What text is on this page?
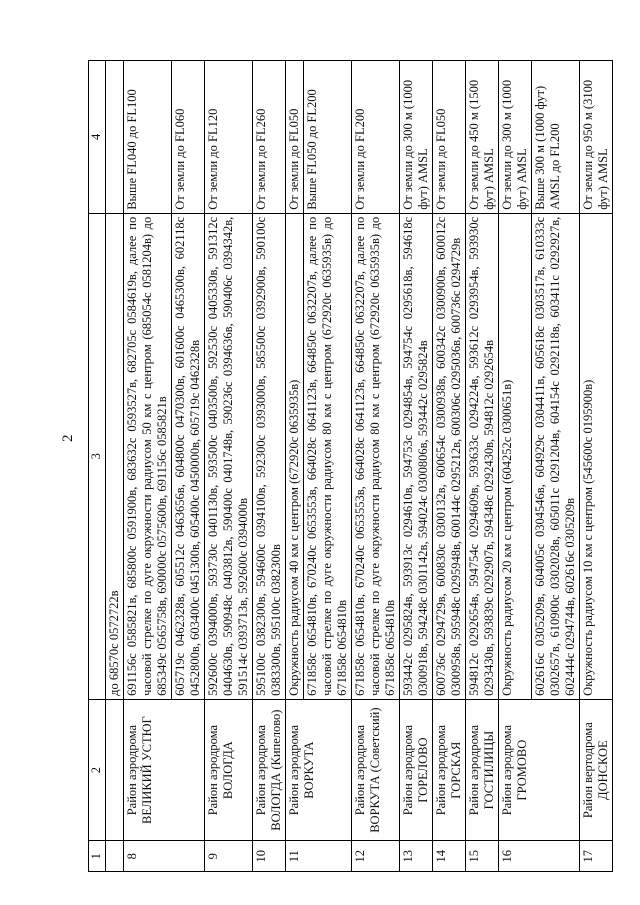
2
1	2	3	4
		до 68570c 0572722в	
8	Район аэродрома ВЕЛИКИЙ УСТЮГ	691156с 0585821в, 685800с 0591900в, 683632с 0593527в, 682705с 0584619в, далее по часовой стрелке по дуге окружности радиусом 50 км с центром (685054с 0581204в) до 685349с 0565758в, 690000с 0575600в, 691156с 0585821в	Выше FL040 до FL100
		605719с 0462328в, 605512с 0463656в, 604800с 0470300в, 601600с 0465300в, 602118с 0452800в, 603400с 0451300в, 605400с 0450000в, 605719с 0462328в	От земли до FL060
9	Район аэродрома ВОЛОГДА	592600с 0394000в, 593730с 0401130в, 593500с 0403500в, 592530с 0405330в, 591312с 0404630в, 590948с 0403812в, 590400с 0401748в, 590236с 0394636в, 590406с 0394342в, 591514с 0393713в, 592600с 0394000в	От земли до FL120
10	Район аэродрома ВОЛОГДА (Кипелово)	595100с 0382300в, 594600с 0394100в, 592300с 0393000в, 585500с 0392900в, 590100с 0383300в, 595100с 0382300в	От земли до FL260
11	Район аэродрома ВОРКУТА	Окружность радиусом 40 км с центром (672920с 0635935в)	От земли до FL050
		671858с 0654810в, 670240с 0653553в, 664028с 0641123в, 664850с 0632207в, далее по часовой стрелке по дуге окружности радиусом 80 км с центром (672920с 0635935в) до 671858с 0654810в	Выше FL050 до FL200
12	Район аэродрома ВОРКУТА (Советский)	671858с 0654810в, 670240с 0653553в, 664028с 0641123в, 664850с 0632207в, далее по часовой стрелке по дуге окружности радиусом 80 км с центром (672920с 0635935в) до 671858с 0654810в	От земли до FL200
13	Район аэродрома ГОРЕЛОВО	593442с 0295824в, 593913с 0294610в, 594753с 0294854в, 594754с 0295618в, 594618с 0300918в, 594248с 0301142в, 594024с 0300806в, 593442с 0295824в	От земли до 300 м (1000 фут) AMSL
14	Район аэродрома ГОРСКАЯ	600736с 0294729в, 600830с 0300132в, 600654с 0300938в, 600342с 0300900в, 600012с 0300958в, 595948с 0295948в, 600144с 0295212в, 600306с 0295036в, 600736с 0294729в	От земли до FL050
15	Район аэродрома ГОСТИЛИЦЫ	594812с 0292654в, 594754с 0294609в, 593633с 0294224в, 593612с 0293954в, 593930с 0293430в, 593839с 0292907в, 594348с 0292430в, 594812с 0292654в	От земли до 450 м (1500 фут) AMSL
16	Район аэродрома ГРОМОВО	Окружность радиусом 20 км с центром (604252с 0300651в)	От земли до 300 м (1000 фут) AMSL
		602616с 0305209в, 604005с 0304546в, 604929с 0304411в, 605618с 0303517в, 610333с 0302657в, 610900с 0302028в, 605011с 0291204в, 604154с 0292118в, 603411с 0292927в, 602444с 0294744в, 602616с 0305209в	Выше 300 м (1000 фут) AMSL до FL200
17	Район вертодрома ДОНСКОЕ	Окружность радиусом 10 км с центром (545600с 0195900в)	От земли до 950 м (3100 фут) AMSL
